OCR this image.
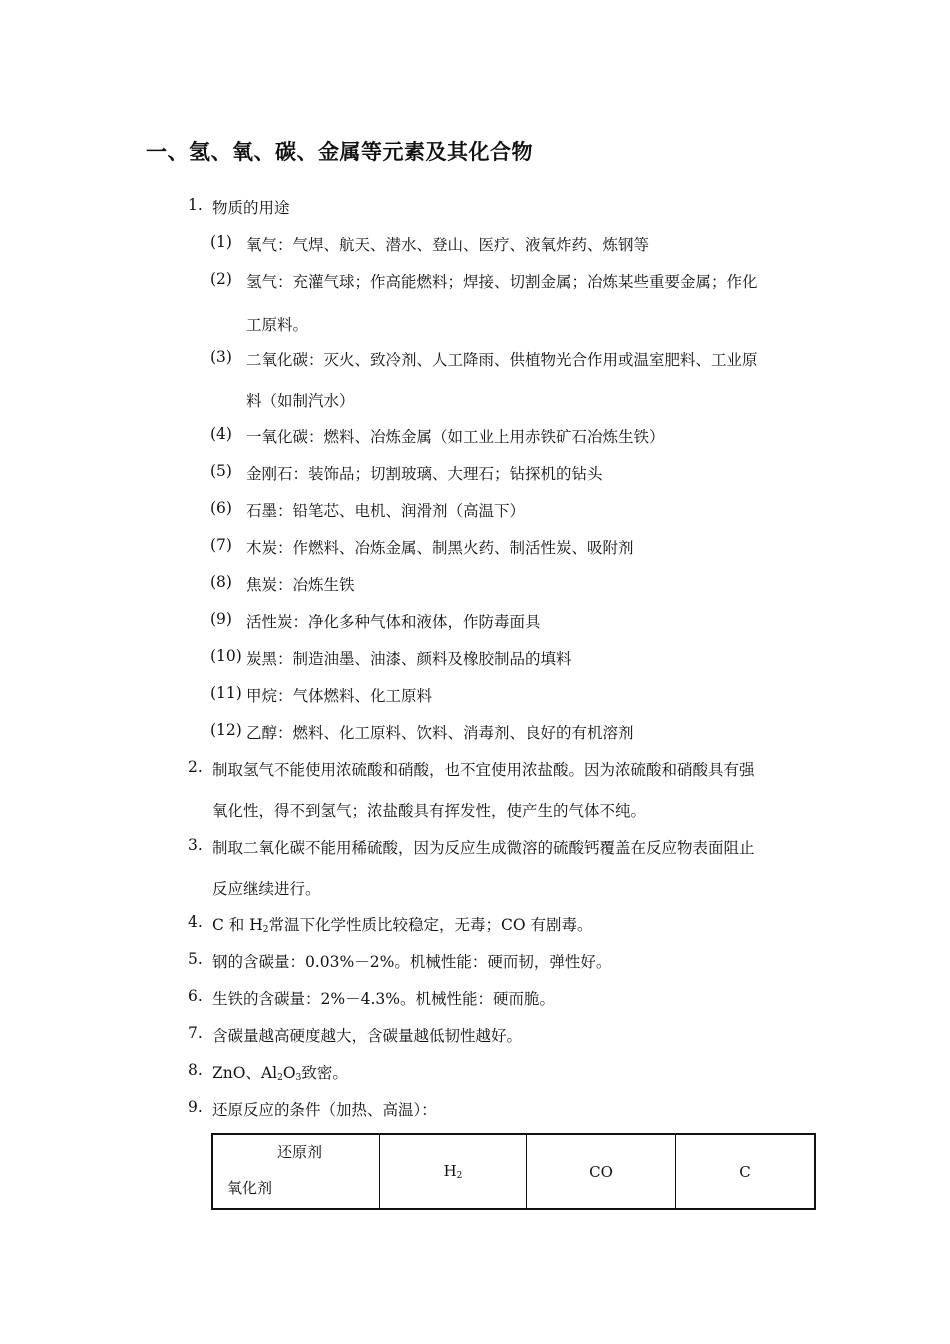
一、氢、氧、碳、金属等元素及其化合物
1. 物质的用途
(1) 氧气：气焊、航天、潜水、登山、医疗、液氧炸药、炼钢等
(2) 氢气：充灌气球；作高能燃料；焊接、切割金属；冶炼某些重要金属；作化
工原料。
(3) 二氧化碳：灭火、致冷剂、人工降雨、供植物光合作用或温室肥料、工业原
料（如制汽水）
(4) 一氧化碳：燃料、冶炼金属（如工业上用赤铁矿石冶炼生铁）
(5) 金刚石：装饰品；切割玻璃、大理石；钻探机的钻头
(6) 石墨：铅笔芯、电机、润滑剂（高温下）
(7) 木炭：作燃料、冶炼金属、制黑火药、制活性炭、吸附剂
(8) 焦炭：冶炼生铁
(9) 活性炭：净化多种气体和液体，作防毒面具
(10) 炭黑：制造油墨、油漆、颜料及橡胶制品的填料
(11) 甲烷：气体燃料、化工原料
(12) 乙醇：燃料、化工原料、饮料、消毒剂、良好的有机溶剂
2. 制取氢气不能使用浓硫酸和硝酸，也不宜使用浓盐酸。因为浓硫酸和硝酸具有强
氧化性，得不到氢气；浓盐酸具有挥发性，使产生的气体不纯。
3. 制取二氧化碳不能用稀硫酸，因为反应生成微溶的硫酸钙覆盖在反应物表面阻止
反应继续进行。
4. C 和 $H_2$常温下化学性质比较稳定，无毒；CO 有剧毒。
5. 钢的含碳量：0.03%－2%。机械性能：硬而韧，弹性好。
6. 生铁的含碳量：2%－4.3%。机械性能：硬而脆。
7. 含碳量越高硬度越大，含碳量越低韧性越好。
8. ZnO、$Al_2O_3$致密。
9. 还原反应的条件（加热、高温）：
还原剂
氧化剂
	$H_2$	CO	C
